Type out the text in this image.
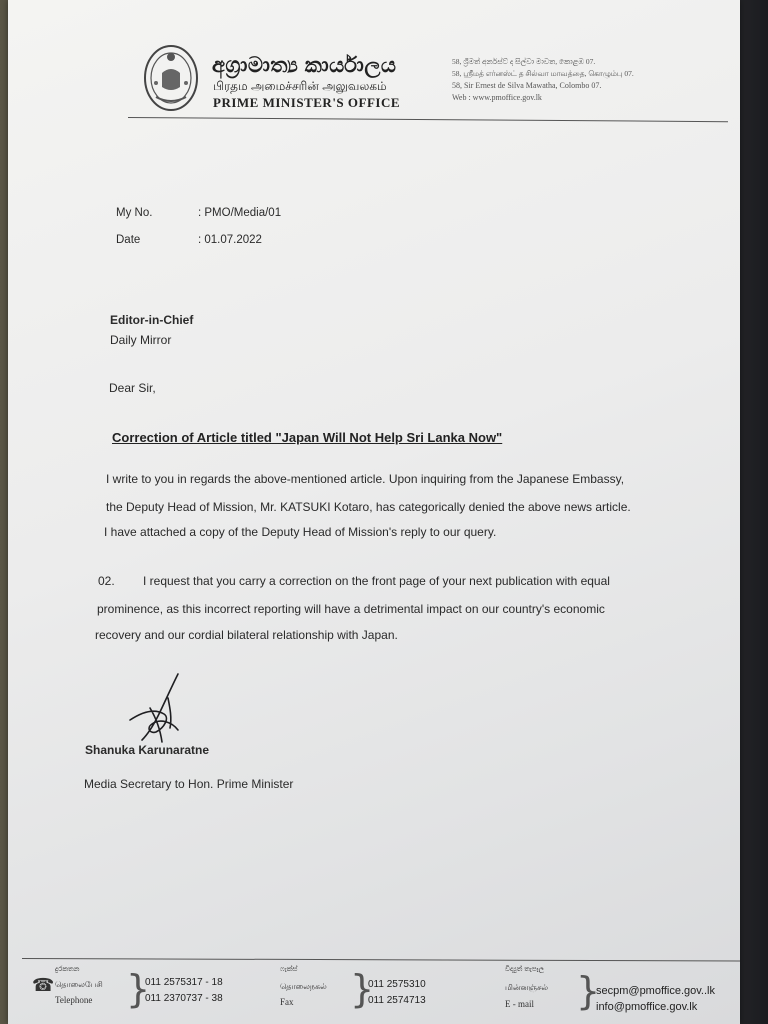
අග්‍රාමාත්‍ය කාර්යාලය
பிரதம அமைச்சரின் அலுவலகம்
PRIME MINISTER'S OFFICE
58, ශ්‍රීමත් අර්නස්ට් ද සිල්වා මාවත, කොළඹ 07.
58, ஸ்ரீமத் எர்னஸ்ட் த சில்வா மாவத்தை, கொழும்பு 07.
58, Sir Ernest de Silva Mawatha, Colombo 07.
Web : www.pmoffice.gov.lk
My No.	: PMO/Media/01
Date	: 01.07.2022
Editor-in-Chief
Daily Mirror
Dear Sir,
Correction of Article titled "Japan Will Not Help Sri Lanka Now"
I write to you in regards the above-mentioned article. Upon inquiring from the Japanese Embassy,
the Deputy Head of Mission, Mr. KATSUKI Kotaro, has categorically denied the above news article.
I have attached a copy of the Deputy Head of Mission's reply to our query.
02. I request that you carry a correction on the front page of your next publication with equal
prominence, as this incorrect reporting will have a detrimental impact on our country's economic
recovery and our cordial bilateral relationship with Japan.
Shanuka Karunaratne
Media Secretary to Hon. Prime Minister
☎
දුරකතන
தொலைபேசி
Telephone }
011 2575317 - 18
011 2370737 - 38
ෆැක්ස්
தொலைநகல்
Fax }
011 2575310
011 2574713
විද්‍යුත් තැපෑල
மின்னஞ்சல்
E - mail }
secpm@pmoffice.gov..lk
info@pmoffice.gov.lk
